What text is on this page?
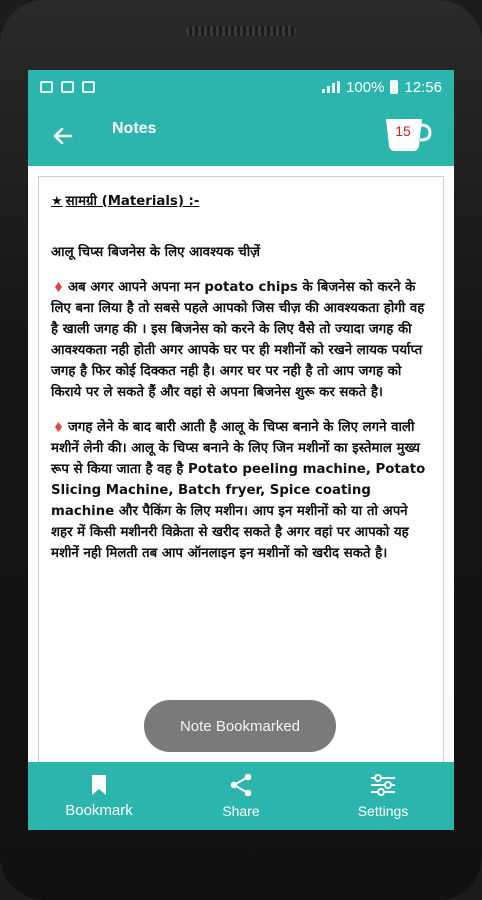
100% 12:56
Notes	15

★ सामग्री (Materials) :-

आलू चिप्स बिजनेस के लिए आवश्यक चीज़ें

अब अगर आपने अपना मन potato chips के बिजनेस को करने के लिए बना लिया है तो सबसे पहले आपको जिस चीज़ की आवश्यकता होगी वह है खाली जगह की । इस बिजनेस को करने के लिए वैसे तो ज्यादा जगह की आवश्यकता नही होती अगर आपके घर पर ही मशीनों को रखने लायक पर्याप्त जगह है फिर कोई दिक्कत नही है। अगर घर पर नही है तो आप जगह को किराये पर ले सकते हैं और वहां से अपना बिजनेस शुरू कर सकते है।

जगह लेने के बाद बारी आती है आलू के चिप्स बनाने के लिए लगने वाली मशीनें लेनी की। आलू के चिप्स बनाने के लिए जिन मशीनों का इस्तेमाल मुख्य रूप से किया जाता है वह है Potato peeling machine, Potato Slicing Machine, Batch fryer, Spice coating machine और पैकिंग के लिए मशीन। आप इन मशीनों को या तो अपने शहर में किसी मशीनरी विक्रेता से खरीद सकते है अगर वहां पर आपको यह मशीनें नही मिलती तब आप ऑनलाइन इन मशीनों को खरीद सकते है।

Note Bookmarked
Bookmark	Share	Settings
